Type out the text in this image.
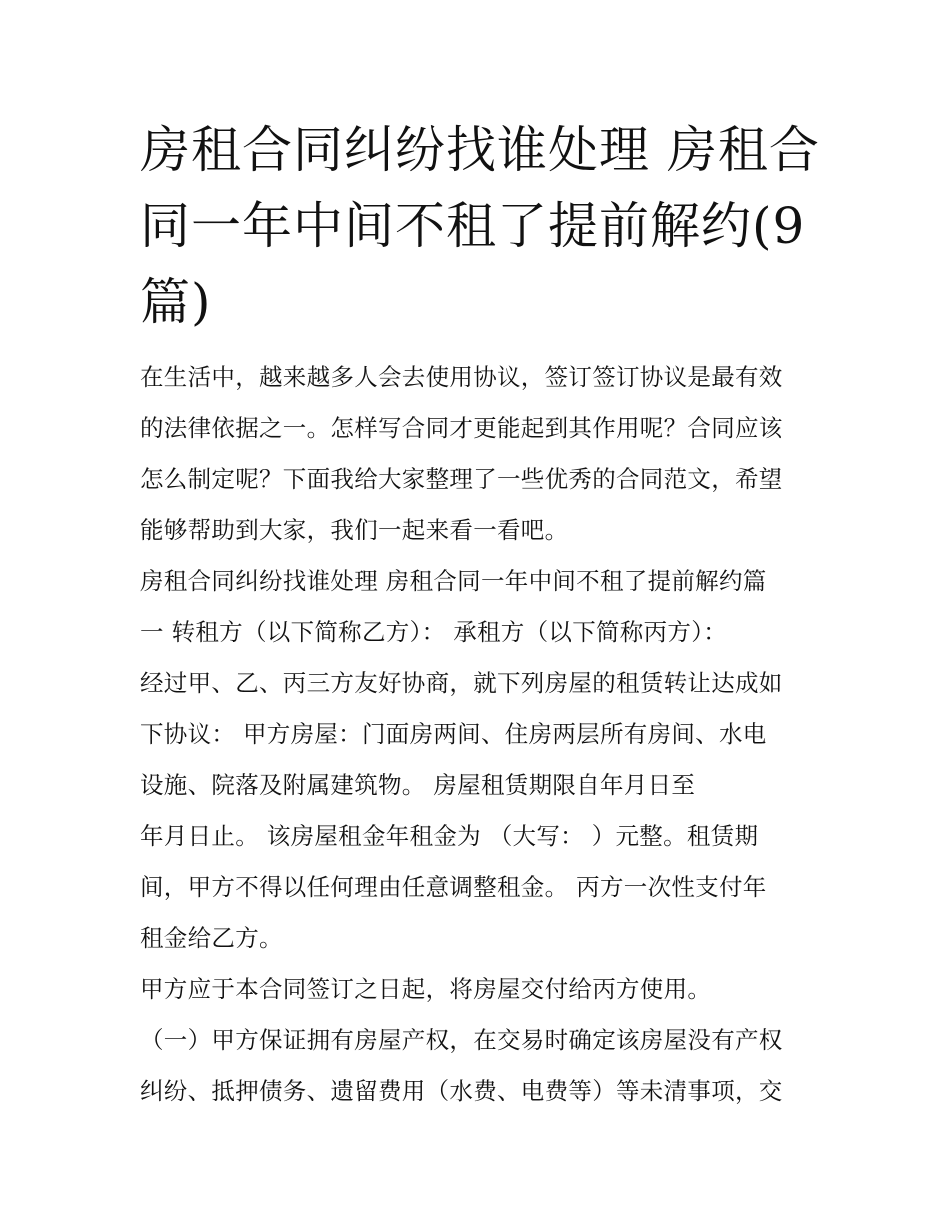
房租合同纠纷找谁处理 房租合
同一年中间不租了提前解约(9
篇)

在生活中，越来越多人会去使用协议，签订签订协议是最有效
的法律依据之一。怎样写合同才更能起到其作用呢？合同应该
怎么制定呢？下面我给大家整理了一些优秀的合同范文，希望
能够帮助到大家，我们一起来看一看吧。

房租合同纠纷找谁处理 房租合同一年中间不租了提前解约篇
一 转租方（以下简称乙方）： 承租方（以下简称丙方）：
经过甲、乙、丙三方友好协商，就下列房屋的租赁转让达成如
下协议： 甲方房屋：门面房两间、住房两层所有房间、水电
设施、院落及附属建筑物。 房屋租赁期限自年月日至
年月日止。 该房屋租金年租金为 （大写： ）元整。租赁期
间，甲方不得以任何理由任意调整租金。 丙方一次性支付年
租金给乙方。

甲方应于本合同签订之日起，将房屋交付给丙方使用。

（一）甲方保证拥有房屋产权，在交易时确定该房屋没有产权
纠纷、抵押债务、遗留费用（水费、电费等）等未清事项，交
